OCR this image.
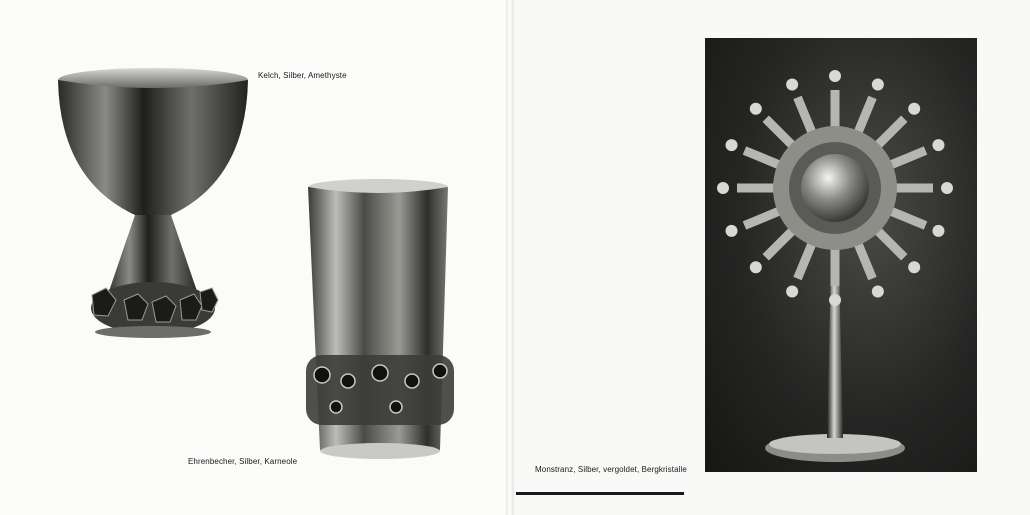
Kelch, Silber, Amethyste
Ehrenbecher, Silber, Karneole
Monstranz, Silber, vergoldet, Bergkristalle
